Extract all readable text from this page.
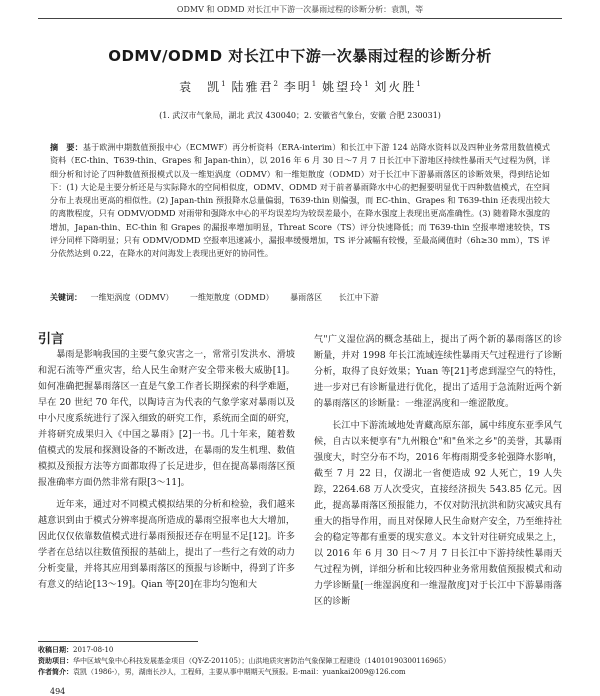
ODMV 和 ODMD 对长江中下游一次暴雨过程的诊断分析：袁凯，等
ODMV/ODMD 对长江中下游一次暴雨过程的诊断分析
袁　凯$^1$ 陆雅君$^2$ 李明$^1$ 姚望玲$^1$ 刘火胜$^1$
(1. 武汉市气象局，湖北 武汉 430040；2. 安徽省气象台，安徽 合肥 230031)
摘　要：基于欧洲中期数值预报中心（ECMWF）再分析资料（ERA-interim）和长江中下游 124 站降水资料以及四种业务常用数值模式资料（EC-thin、T639-thin、Grapes 和 Japan-thin），以 2016 年 6 月 30 日～7 月 7 日长江中下游地区持续性暴雨天气过程为例，详细分析和讨论了四种数值预报模式以及一维矩涡度（ODMV）和一维矩散度（ODMD）对于长江中下游暴雨落区的诊断效果，得到结论如下：(1) 大论是主要分析还是与实际降水的空间相似度，ODMV、ODMD 对于前者暴雨降水中心的把握要明显优于四种数值模式，在空间分布上表现出更高的相似性。(2) Japan-thin 预报降水总量偏弱，T639-thin 则偏强，而 EC-thin、Grapes 和 T639-thin 还表现出较大的离散程度，只有 ODMV/ODMD 对雨带和强降水中心的平均误差均为较误差最小，在降水强度上表现出更高准确性。(3) 随着降水强度的增加，Japan-thin、EC-thin 和 Grapes 的漏报率增加明显，Threat Score（TS）评分快速降低；而 T639-thin 空报率增速较快，TS 评分同样下降明显；只有 ODMV/ODMD 空报率迅速减小，漏报率缓慢增加，TS 评分减幅有较慢，至最高阈值时（6h≥30 mm），TS 评分依然达到 0.22，在降水的对问海发上表现出更好的协同性。
关键词： 一维矩涡度（ODMV） 一维矩散度（ODMD） 暴雨落区 长江中下游
引言

暴雨是影响我国的主要气象灾害之一，常常引发洪水、滑坡和泥石流等严重灾害，给人民生命财产安全带来极大威胁[1]。如何准确把握暴雨落区一直是气象工作者长期探索的科学难题，早在 20 世纪 70 年代，以陶诗言为代表的气象学家对暴雨以及中小尺度系统进行了深入细致的研究工作，系统而全面的研究，并将研究成果归入《中国之暴雨》[2]一书。几十年来，随着数值模式的发展和探测设备的不断改进，在暴雨的发生机理、数值模拟及预报方法等方面都取得了长足进步，但在提高暴雨落区预报准确率方面仍然非常有限[3～11]。

近年来，通过对不同模式模拟结果的分析和检验，我们越来越意识到由于模式分辨率提高所造成的暴雨空报率也大大增加，因此仅仅依靠数值模式进行暴雨预报还存在明显不足[12]。许多学者在总结以往数值预报的基础上，提出了一些行之有效的动力分析变量，并将其应用到暴雨落区的预报与诊断中，得到了许多有意义的结论[13～19]。Qian 等[20]在非均匀饱和大

气"广义湿位涡的概念基础上，提出了两个新的暴雨落区的诊断量，并对 1998 年长江流域连续性暴雨天气过程进行了诊断分析，取得了良好效果；Yuan 等[21]考虑到湿空气的特性，进一步对已有诊断量进行优化，提出了适用于急流附近两个新的暴雨落区的诊断量：一维涩涡度和一维涩散度。

长江中下游流域地处青藏高原东部，属中纬度东亚季风气候，自古以来便享有"九州粮仓"和"鱼米之乡"的美誉，其暴雨强度大，时空分布不均，2016 年梅雨期受多轮强降水影响，截至 7 月 22 日，仅湖北一省便造成 92 人死亡，19 人失踪，2264.68 万人次受灾，直接经济损失 543.85 亿元。因此，提高暴雨落区预报能力，不仅对防汛抗洪和防灾减灾具有重大的指导作用，而且对保障人民生命财产安全，乃至维持社会的稳定等都有重要的现实意义。本文针对往研究成果之上，以 2016 年 6 月 30 日～7 月 7 日长江中下游持续性暴雨天气过程为例，详细分析和比较四种业务常用数值预报模式和动力学诊断量[一维湿涡度和一维湿散度]对于长江中下游暴雨落区的诊断

收稿日期：2017-08-10
资助项目：华中区域气象中心科技发展基金项目（QY-Z-201105）；山洪地质灾害防治气象保障工程建设（14010190300116965）
作者简介：袁凯（1986-），男，湖南长沙人，工程师，主要从事中期期天气预报。E-mail：yuankai2009@126.com
494
